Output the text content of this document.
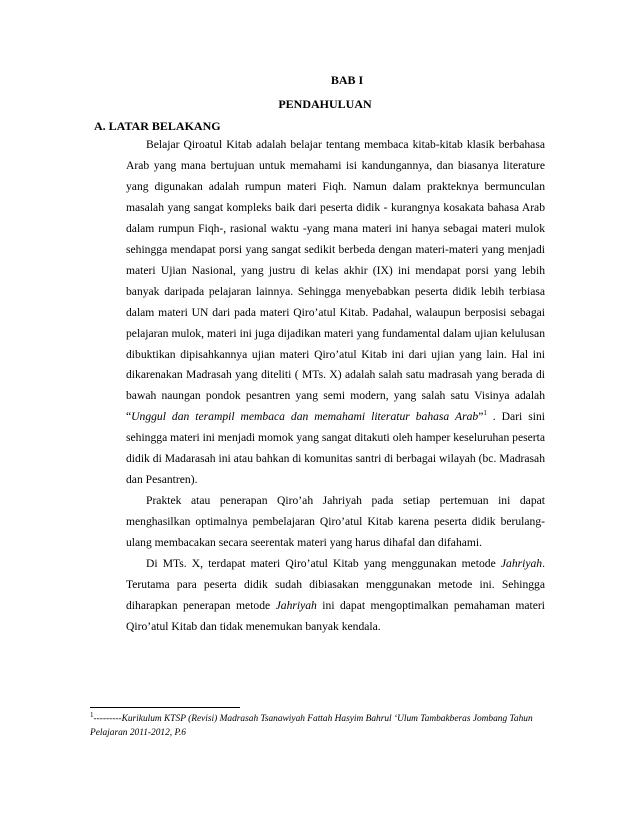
BAB I
PENDAHULUAN
A. LATAR BELAKANG

Belajar Qiroatul Kitab adalah belajar tentang membaca kitab-kitab klasik berbahasa Arab yang mana bertujuan untuk memahami isi kandungannya, dan biasanya literature yang digunakan adalah rumpun materi Fiqh. Namun dalam prakteknya bermunculan masalah yang sangat kompleks baik dari peserta didik - kurangnya kosakata bahasa Arab dalam rumpun Fiqh-, rasional waktu -yang mana materi ini hanya sebagai materi mulok sehingga mendapat porsi yang sangat sedikit berbeda dengan materi-materi yang menjadi materi Ujian Nasional, yang justru di kelas akhir (IX) ini mendapat porsi yang lebih banyak daripada pelajaran lainnya. Sehingga menyebabkan peserta didik lebih terbiasa dalam materi UN dari pada materi Qiro’atul Kitab. Padahal, walaupun berposisi sebagai pelajaran mulok, materi ini juga dijadikan materi yang fundamental dalam ujian kelulusan dibuktikan dipisahkannya ujian materi Qiro’atul Kitab ini dari ujian yang lain. Hal ini dikarenakan Madrasah yang diteliti ( MTs. X) adalah salah satu madrasah yang berada di bawah naungan pondok pesantren yang semi modern, yang salah satu Visinya adalah “Unggul dan terampil membaca dan memahami literatur bahasa Arab”$^1$ . Dari sini sehingga materi ini menjadi momok yang sangat ditakuti oleh hamper keseluruhan peserta didik di Madarasah ini atau bahkan di komunitas santri di berbagai wilayah (bc. Madrasah dan Pesantren).

Praktek atau penerapan Qiro’ah Jahriyah pada setiap pertemuan ini dapat menghasilkan optimalnya pembelajaran Qiro’atul Kitab karena peserta didik berulang-ulang membacakan secara seerentak materi yang harus dihafal dan difahami.

Di MTs. X, terdapat materi Qiro’atul Kitab yang menggunakan metode Jahriyah. Terutama para peserta didik sudah dibiasakan menggunakan metode ini. Sehingga diharapkan penerapan metode Jahriyah ini dapat mengoptimalkan pemahaman materi Qiro’atul Kitab dan tidak menemukan banyak kendala.

$^1$---------Kurikulum KTSP (Revisi) Madrasah Tsanawiyah Fattah Hasyim Bahrul ‘Ulum Tambakberas Jombang Tahun Pelajaran 2011-2012, P.6
